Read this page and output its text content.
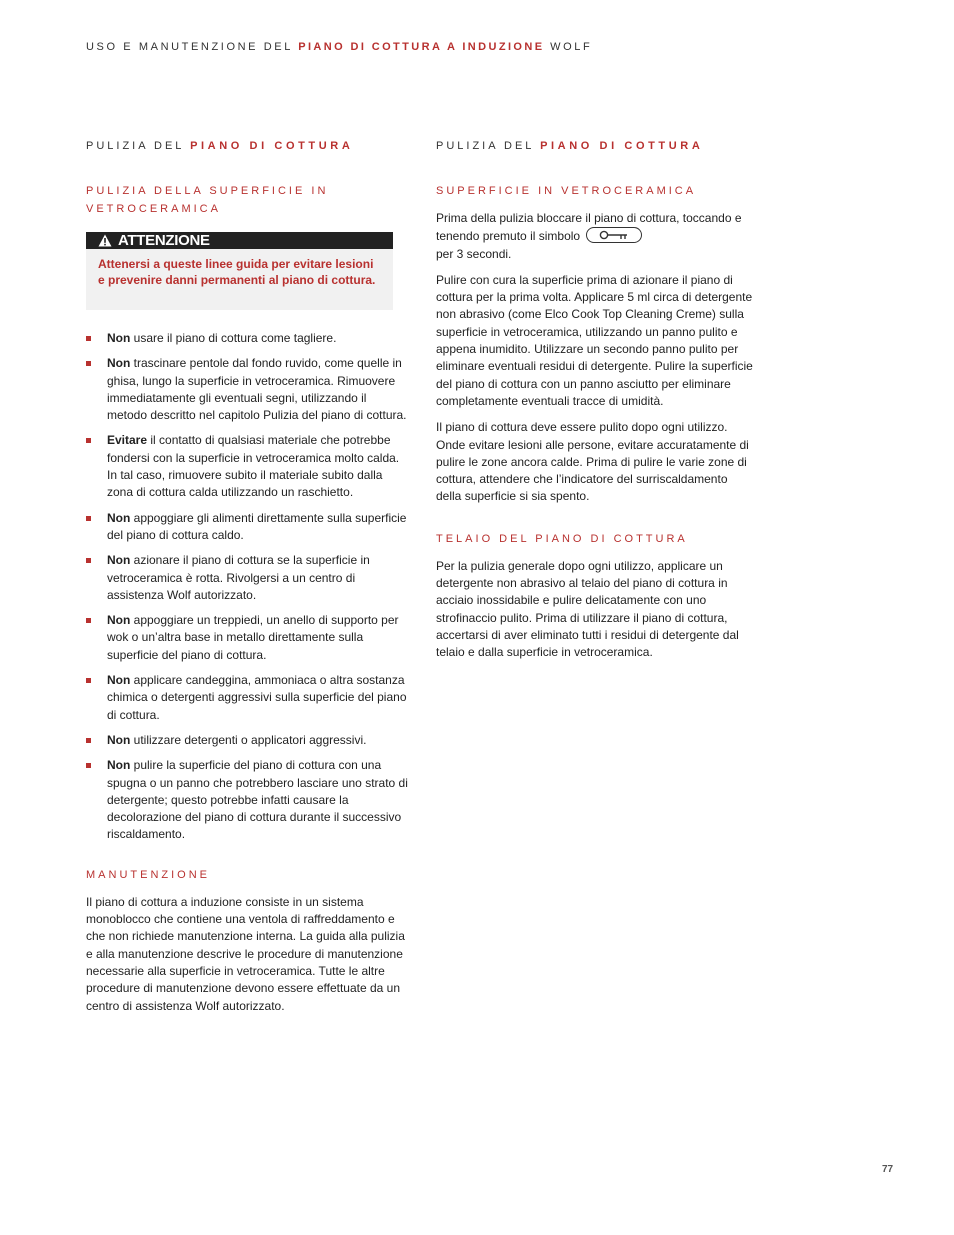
USO E MANUTENZIONE DEL PIANO DI COTTURA A INDUZIONE WOLF

PULIZIA DEL PIANO DI COTTURA

PULIZIA DELLA SUPERFICIE IN VETROCERAMICA

ATTENZIONE
Attenersi a queste linee guida per evitare lesioni e prevenire danni permanenti al piano di cottura.
Non usare il piano di cottura come tagliere.
Non trascinare pentole dal fondo ruvido, come quelle in ghisa, lungo la superficie in vetroceramica. Rimuovere immediatamente gli eventuali segni, utilizzando il metodo descritto nel capitolo Pulizia del piano di cottura.
Evitare il contatto di qualsiasi materiale che potrebbe fondersi con la superficie in vetroceramica molto calda. In tal caso, rimuovere subito il materiale subito dalla zona di cottura calda utilizzando un raschietto.
Non appoggiare gli alimenti direttamente sulla superficie del piano di cottura caldo.
Non azionare il piano di cottura se la superficie in vetroceramica è rotta. Rivolgersi a un centro di assistenza Wolf autorizzato.
Non appoggiare un treppiedi, un anello di supporto per wok o un’altra base in metallo direttamente sulla superficie del piano di cottura.
Non applicare candeggina, ammoniaca o altra sostanza chimica o detergenti aggressivi sulla superficie del piano di cottura.
Non utilizzare detergenti o applicatori aggressivi.
Non pulire la superficie del piano di cottura con una spugna o un panno che potrebbero lasciare uno strato di detergente; questo potrebbe infatti causare la decolorazione del piano di cottura durante il successivo riscaldamento.

MANUTENZIONE

Il piano di cottura a induzione consiste in un sistema monoblocco che contiene una ventola di raffreddamento e che non richiede manutenzione interna. La guida alla pulizia e alla manutenzione descrive le procedure di manutenzione necessarie alla superficie in vetroceramica. Tutte le altre procedure di manutenzione devono essere effettuate da un centro di assistenza Wolf autorizzato.

PULIZIA DEL PIANO DI COTTURA

SUPERFICIE IN VETROCERAMICA

Prima della pulizia bloccare il piano di cottura, toccando e tenendo premuto il simbolo

per 3 secondi.

Pulire con cura la superficie prima di azionare il piano di cottura per la prima volta. Applicare 5 ml circa di detergente non abrasivo (come Elco Cook Top Cleaning Creme) sulla superficie in vetroceramica, utilizzando un panno pulito e appena inumidito. Utilizzare un secondo panno pulito per eliminare eventuali residui di detergente. Pulire la superficie del piano di cottura con un panno asciutto per eliminare completamente eventuali tracce di umidità.

Il piano di cottura deve essere pulito dopo ogni utilizzo. Onde evitare lesioni alle persone, evitare accuratamente di pulire le zone ancora calde. Prima di pulire le varie zone di cottura, attendere che l’indicatore del surriscaldamento della superficie si sia spento.

TELAIO DEL PIANO DI COTTURA

Per la pulizia generale dopo ogni utilizzo, applicare un detergente non abrasivo al telaio del piano di cottura in acciaio inossidabile e pulire delicatamente con uno strofinaccio pulito. Prima di utilizzare il piano di cottura, accertarsi di aver eliminato tutti i residui di detergente dal telaio e dalla superficie in vetroceramica.

77
